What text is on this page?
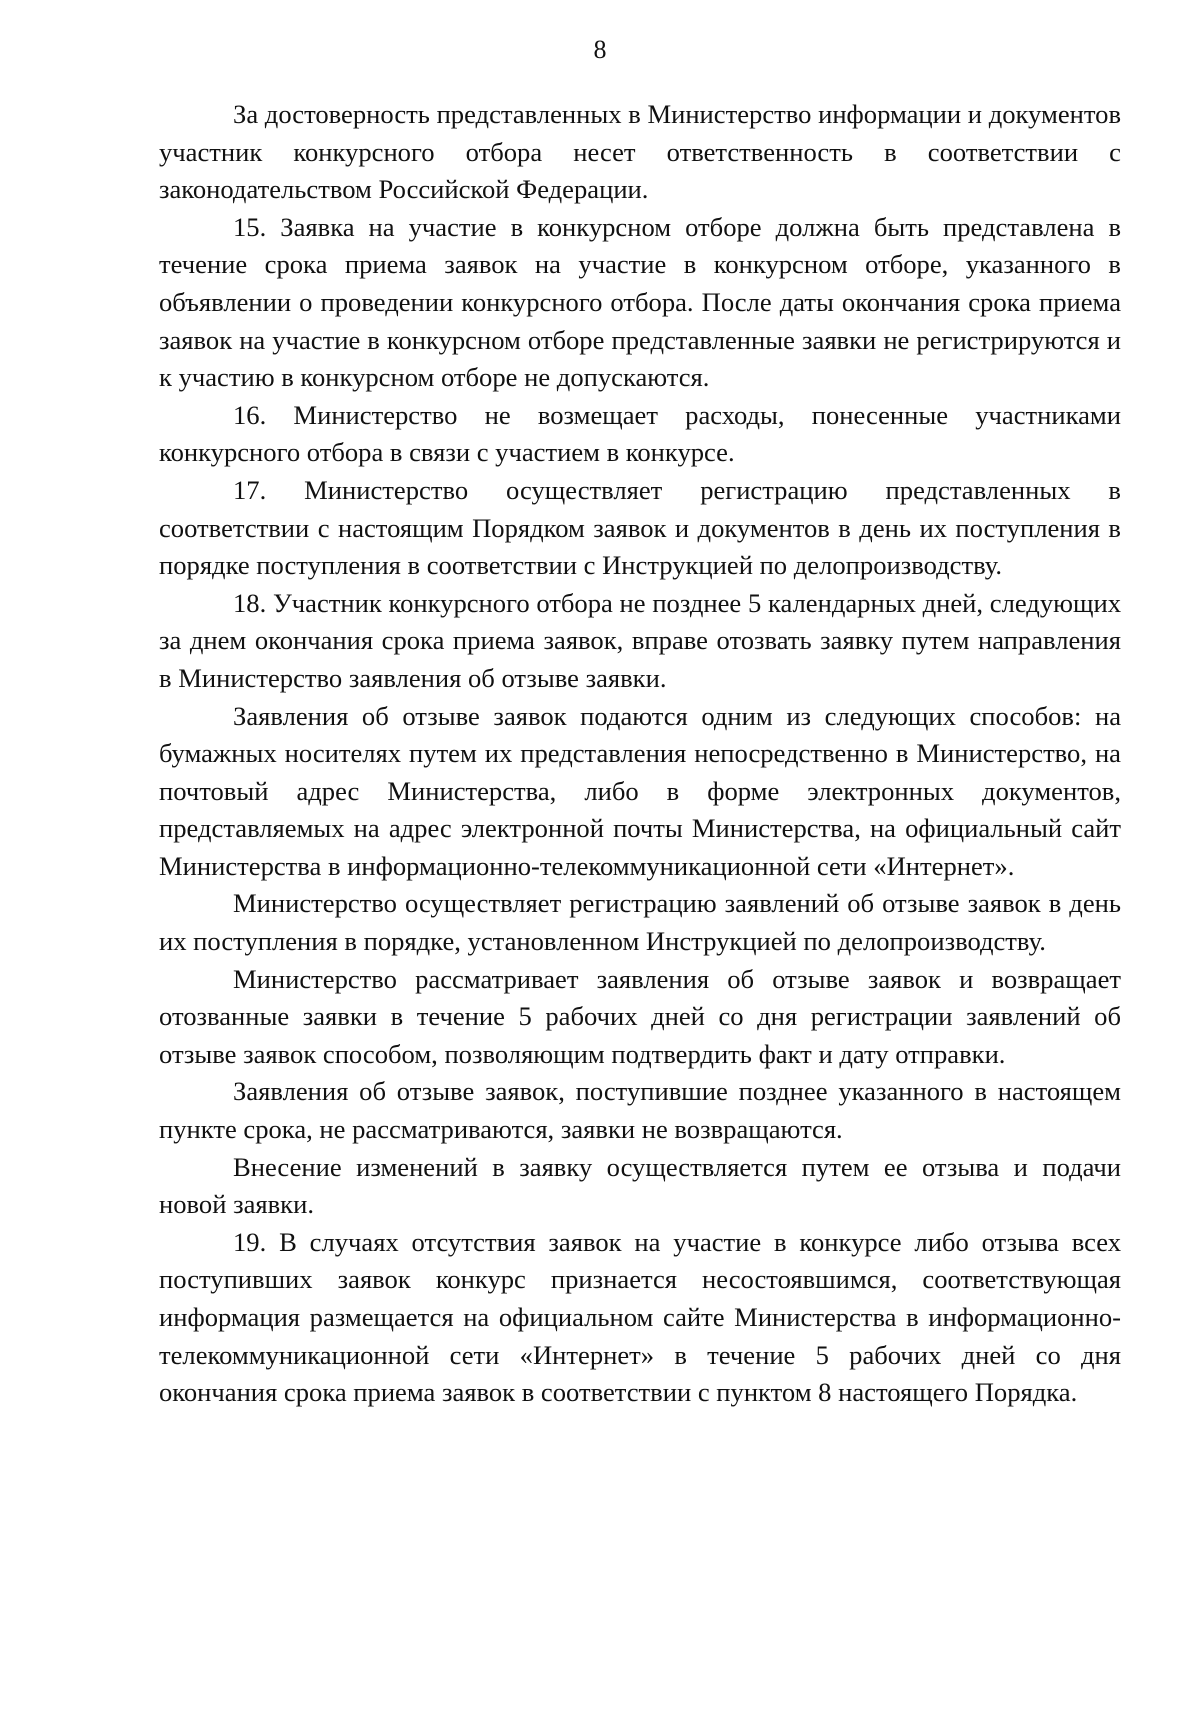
8

За достоверность представленных в Министерство информации и документов участник конкурсного отбора несет ответственность в соответствии с законодательством Российской Федерации.

15. Заявка на участие в конкурсном отборе должна быть представлена в течение срока приема заявок на участие в конкурсном отборе, указанного в объявлении о проведении конкурсного отбора. После даты окончания срока приема заявок на участие в конкурсном отборе представленные заявки не регистрируются и к участию в конкурсном отборе не допускаются.

16. Министерство не возмещает расходы, понесенные участниками конкурсного отбора в связи с участием в конкурсе.

17. Министерство осуществляет регистрацию представленных в соответствии с настоящим Порядком заявок и документов в день их поступления в порядке поступления в соответствии с Инструкцией по делопроизводству.

18. Участник конкурсного отбора не позднее 5 календарных дней, следующих за днем окончания срока приема заявок, вправе отозвать заявку путем направления в Министерство заявления об отзыве заявки.

Заявления об отзыве заявок подаются одним из следующих способов: на бумажных носителях путем их представления непосредственно в Министерство, на почтовый адрес Министерства, либо в форме электронных документов, представляемых на адрес электронной почты Министерства, на официальный сайт Министерства в информационно-телекоммуникационной сети «Интернет».

Министерство осуществляет регистрацию заявлений об отзыве заявок в день их поступления в порядке, установленном Инструкцией по делопроизводству.

Министерство рассматривает заявления об отзыве заявок и возвращает отозванные заявки в течение 5 рабочих дней со дня регистрации заявлений об отзыве заявок способом, позволяющим подтвердить факт и дату отправки.

Заявления об отзыве заявок, поступившие позднее указанного в настоящем пункте срока, не рассматриваются, заявки не возвращаются.

Внесение изменений в заявку осуществляется путем ее отзыва и подачи новой заявки.

19. В случаях отсутствия заявок на участие в конкурсе либо отзыва всех поступивших заявок конкурс признается несостоявшимся, соответствующая информация размещается на официальном сайте Министерства в информационно-телекоммуникационной сети «Интернет» в течение 5 рабочих дней со дня окончания срока приема заявок в соответствии с пунктом 8 настоящего Порядка.
